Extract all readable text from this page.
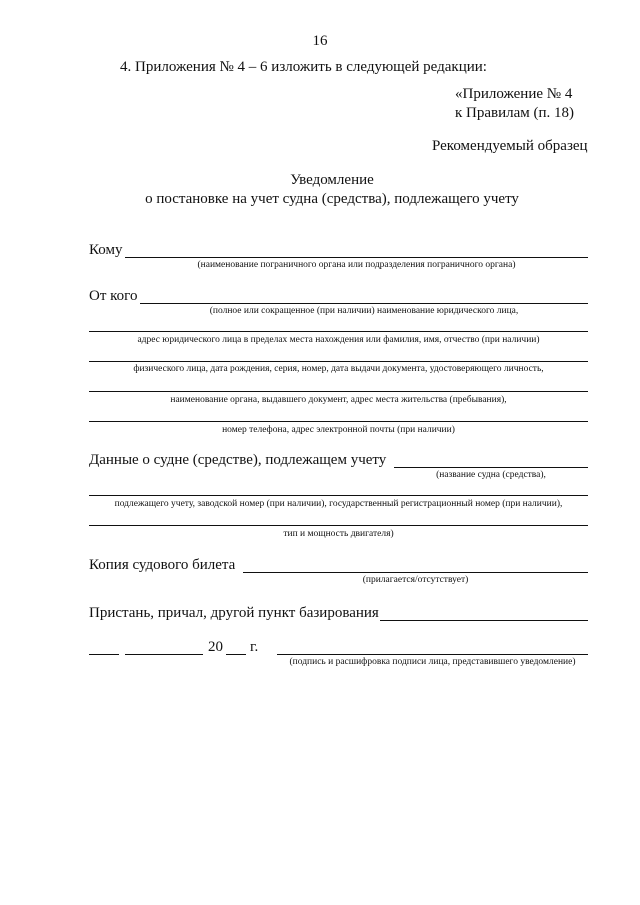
16
4. Приложения № 4 – 6 изложить в следующей редакции:
«Приложение № 4
к Правилам (п. 18)
Рекомендуемый образец
Уведомление
о постановке на учет судна (средства), подлежащего учету
Кому
(наименование пограничного органа или подразделения пограничного органа)
От кого
(полное или сокращенное (при наличии) наименование юридического лица,
адрес юридического лица в пределах места нахождения или фамилия, имя, отчество (при наличии)
физического лица, дата рождения, серия, номер, дата выдачи документа, удостоверяющего личность,
наименование органа, выдавшего документ, адрес места жительства (пребывания),
номер телефона, адрес электронной почты (при наличии)
Данные о судне (средстве), подлежащем учету
(название судна (средства),
подлежащего учету, заводской номер (при наличии), государственный регистрационный номер (при наличии),
тип и мощность двигателя)
Копия судового билета
(прилагается/отсутствует)
Пристань, причал, другой пункт базирования
20 г.
(подпись и расшифровка подписи лица, представившего уведомление)
